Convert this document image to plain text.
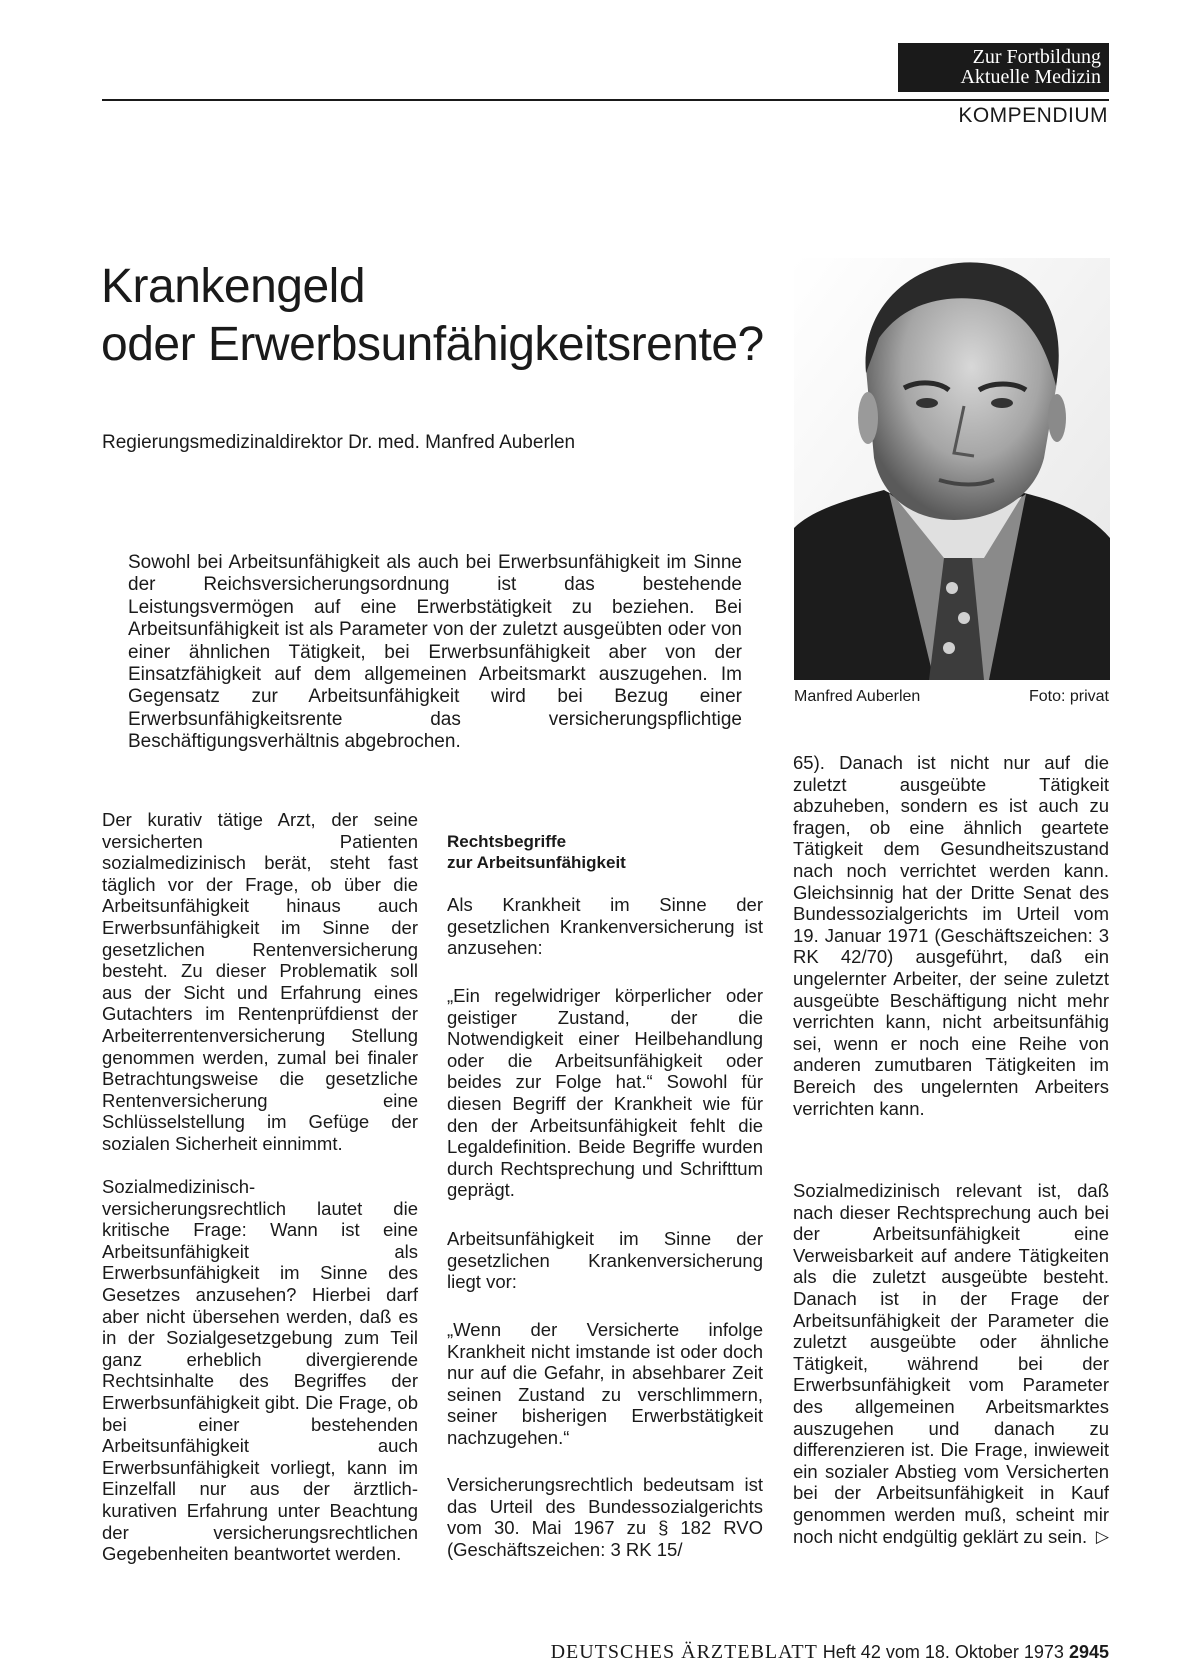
Zur Fortbildung
Aktuelle Medizin
KOMPENDIUM
Krankengeld
oder Erwerbsunfähigkeitsrente?
Regierungsmedizinaldirektor Dr. med. Manfred Auberlen
Manfred Auberlen	Foto: privat

Sowohl bei Arbeitsunfähigkeit als auch bei Erwerbsunfähigkeit im Sinne der Reichsversicherungsordnung ist das bestehende Leistungsvermögen auf eine Erwerbstätigkeit zu beziehen. Bei Arbeitsunfähigkeit ist als Parameter von der zuletzt ausgeübten oder von einer ähnlichen Tätigkeit, bei Erwerbsunfähigkeit aber von der Einsatzfähigkeit auf dem allgemeinen Arbeitsmarkt auszugehen. Im Gegensatz zur Arbeitsunfähigkeit wird bei Bezug einer Erwerbsunfähigkeitsrente das versicherungspflichtige Beschäftigungsverhältnis abgebrochen.

Der kurativ tätige Arzt, der seine versicherten Patienten sozialmedizinisch berät, steht fast täglich vor der Frage, ob über die Arbeitsunfähigkeit hinaus auch Erwerbsunfähigkeit im Sinne der gesetzlichen Rentenversicherung besteht. Zu dieser Problematik soll aus der Sicht und Erfahrung eines Gutachters im Rentenprüfdienst der Arbeiterrentenversicherung Stellung genommen werden, zumal bei finaler Betrachtungsweise die gesetzliche Rentenversicherung eine Schlüsselstellung im Gefüge der sozialen Sicherheit einnimmt.

Sozialmedizinisch-versicherungsrechtlich lautet die kritische Frage: Wann ist eine Arbeitsunfähigkeit als Erwerbsunfähigkeit im Sinne des Gesetzes anzusehen? Hierbei darf aber nicht übersehen werden, daß es in der Sozialgesetzgebung zum Teil ganz erheblich divergierende Rechtsinhalte des Begriffes der Erwerbsunfähigkeit gibt. Die Frage, ob bei einer bestehenden Arbeitsunfähigkeit auch Erwerbsunfähigkeit vorliegt, kann im Einzelfall nur aus der ärztlich-kurativen Erfahrung unter Beachtung der versicherungsrechtlichen Gegebenheiten beantwortet werden.

Rechtsbegriffe
zur Arbeitsunfähigkeit

Als Krankheit im Sinne der gesetzlichen Krankenversicherung ist anzusehen:

„Ein regelwidriger körperlicher oder geistiger Zustand, der die Notwendigkeit einer Heilbehandlung oder die Arbeitsunfähigkeit oder beides zur Folge hat.“ Sowohl für diesen Begriff der Krankheit wie für den der Arbeitsunfähigkeit fehlt die Legaldefinition. Beide Begriffe wurden durch Rechtsprechung und Schrifttum geprägt.

Arbeitsunfähigkeit im Sinne der gesetzlichen Krankenversicherung liegt vor:

„Wenn der Versicherte infolge Krankheit nicht imstande ist oder doch nur auf die Gefahr, in absehbarer Zeit seinen Zustand zu verschlimmern, seiner bisherigen Erwerbstätigkeit nachzugehen.“

Versicherungsrechtlich bedeutsam ist das Urteil des Bundessozialgerichts vom 30. Mai 1967 zu § 182 RVO (Geschäftszeichen: 3 RK 15/

65). Danach ist nicht nur auf die zuletzt ausgeübte Tätigkeit abzuheben, sondern es ist auch zu fragen, ob eine ähnlich geartete Tätigkeit dem Gesundheitszustand nach noch verrichtet werden kann. Gleichsinnig hat der Dritte Senat des Bundessozialgerichts im Urteil vom 19. Januar 1971 (Geschäftszeichen: 3 RK 42/70) ausgeführt, daß ein ungelernter Arbeiter, der seine zuletzt ausgeübte Beschäftigung nicht mehr verrichten kann, nicht arbeitsunfähig sei, wenn er noch eine Reihe von anderen zumutbaren Tätigkeiten im Bereich des ungelernten Arbeiters verrichten kann.

Sozialmedizinisch relevant ist, daß nach dieser Rechtsprechung auch bei der Arbeitsunfähigkeit eine Verweisbarkeit auf andere Tätigkeiten als die zuletzt ausgeübte besteht. Danach ist in der Frage der Arbeitsunfähigkeit der Parameter die zuletzt ausgeübte oder ähnliche Tätigkeit, während bei der Erwerbsunfähigkeit vom Parameter des allgemeinen Arbeitsmarktes auszugehen und danach zu differenzieren ist. Die Frage, inwieweit ein sozialer Abstieg vom Versicherten bei der Arbeitsunfähigkeit in Kauf genommen werden muß, scheint mir noch nicht endgültig geklärt zu sein. ▷

DEUTSCHES ÄRZTEBLATT Heft 42 vom 18. Oktober 1973 2945
